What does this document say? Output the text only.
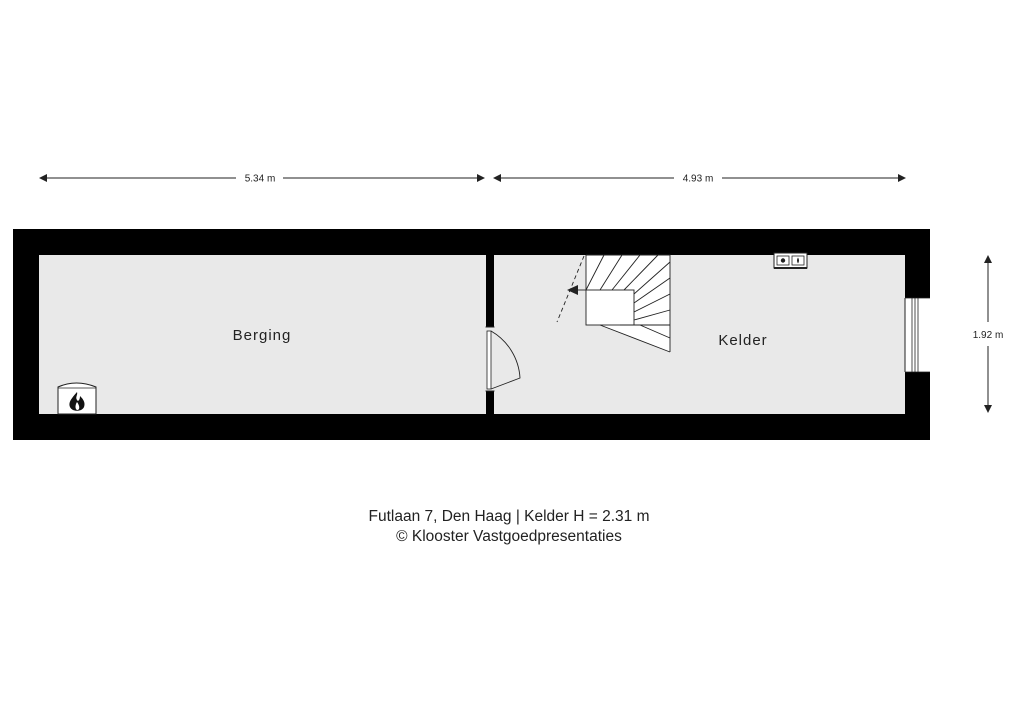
5.34 m	4.93 m
1.92 m
Berging	Kelder
Futlaan 7, Den Haag | Kelder H = 2.31 m
© Klooster Vastgoedpresentaties
